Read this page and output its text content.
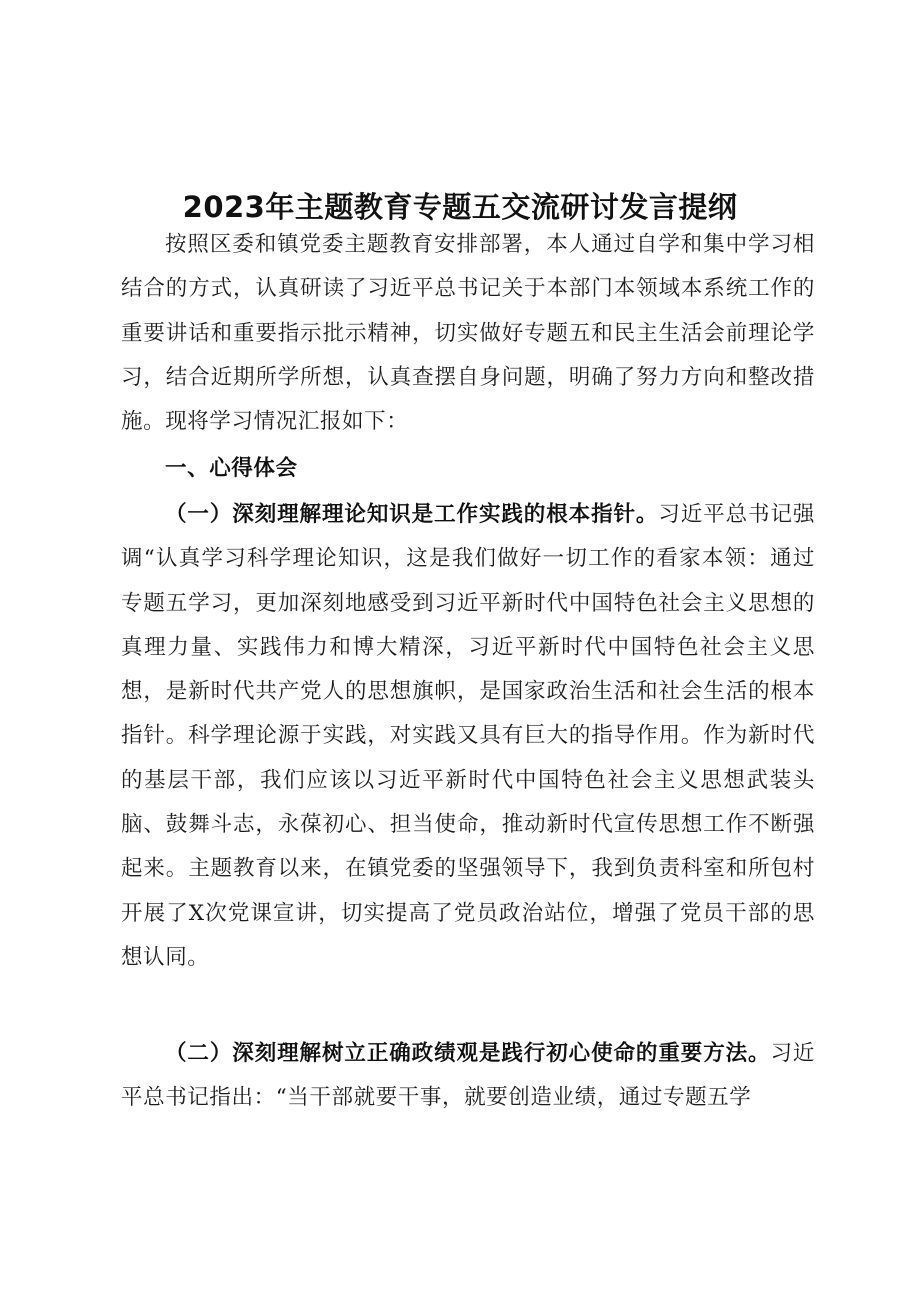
2023年主题教育专题五交流研讨发言提纲

按照区委和镇党委主题教育安排部署，本人通过自学和集中学习相结合的方式，认真研读了习近平总书记关于本部门本领域本系统工作的重要讲话和重要指示批示精神，切实做好专题五和民主生活会前理论学习，结合近期所学所想，认真查摆自身问题，明确了努力方向和整改措施。现将学习情况汇报如下：

一、心得体会

（一）深刻理解理论知识是工作实践的根本指针。习近平总书记强调“认真学习科学理论知识，这是我们做好一切工作的看家本领：通过专题五学习，更加深刻地感受到习近平新时代中国特色社会主义思想的真理力量、实践伟力和博大精深，习近平新时代中国特色社会主义思想，是新时代共产党人的思想旗帜，是国家政治生活和社会生活的根本指针。科学理论源于实践，对实践又具有巨大的指导作用。作为新时代的基层干部，我们应该以习近平新时代中国特色社会主义思想武装头脑、鼓舞斗志，永葆初心、担当使命，推动新时代宣传思想工作不断强起来。主题教育以来，在镇党委的坚强领导下，我到负责科室和所包村开展了X次党课宣讲，切实提高了党员政治站位，增强了党员干部的思想认同。

（二）深刻理解树立正确政绩观是践行初心使命的重要方法。习近平总书记指出：“当干部就要干事，就要创造业绩，通过专题五学
